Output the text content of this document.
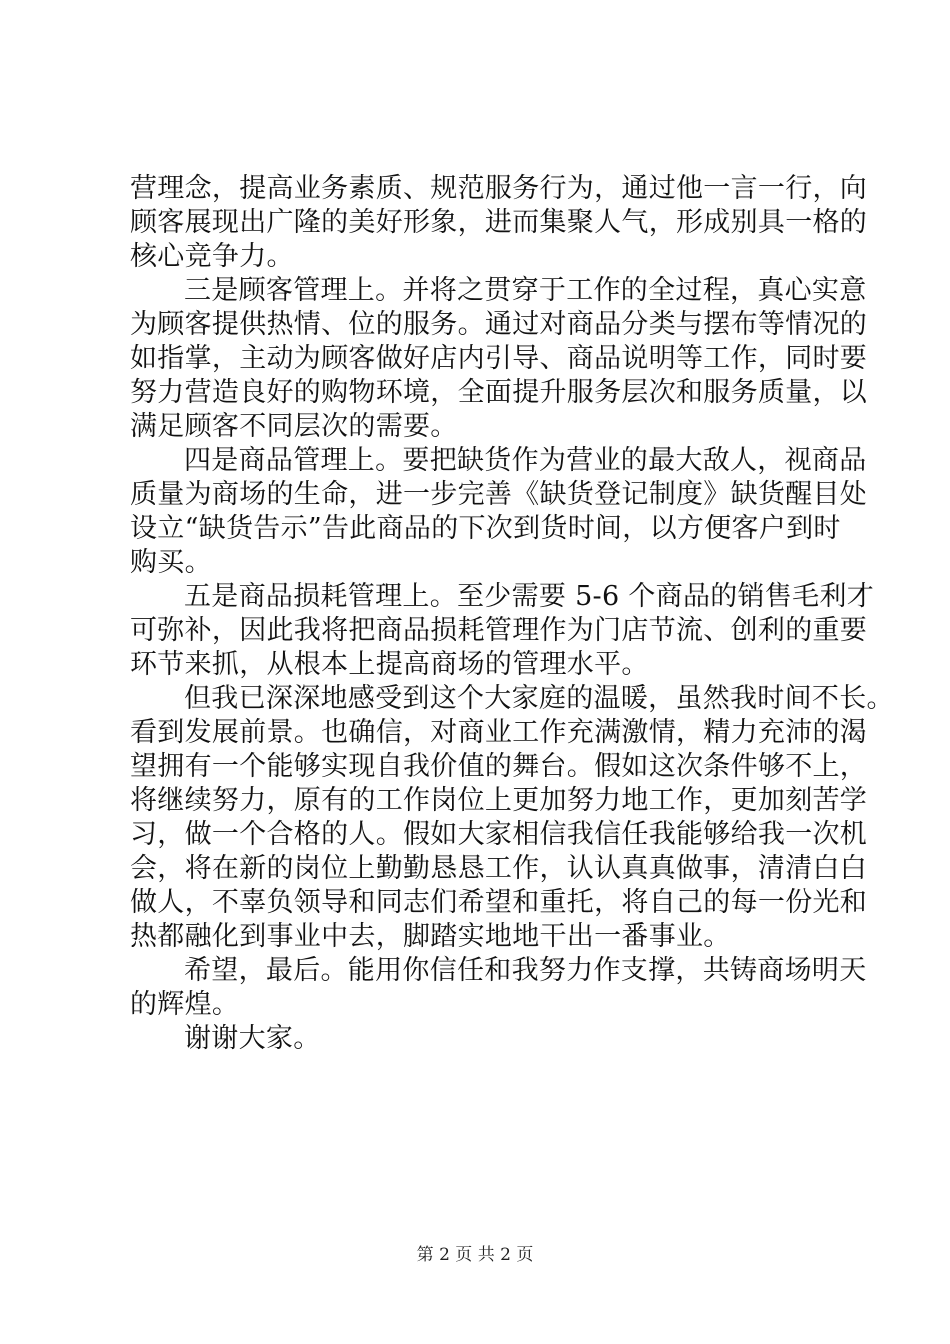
营理念，提高业务素质、规范服务行为，通过他一言一行，向
顾客展现出广隆的美好形象，进而集聚人气，形成别具一格的
核心竞争力。
三是顾客管理上。并将之贯穿于工作的全过程，真心实意
为顾客提供热情、位的服务。通过对商品分类与摆布等情况的
如指掌，主动为顾客做好店内引导、商品说明等工作，同时要
努力营造良好的购物环境，全面提升服务层次和服务质量，以
满足顾客不同层次的需要。
四是商品管理上。要把缺货作为营业的最大敌人，视商品
质量为商场的生命，进一步完善《缺货登记制度》缺货醒目处
设立“缺货告示”告此商品的下次到货时间，以方便客户到时
购买。
五是商品损耗管理上。至少需要 5-6 个商品的销售毛利才
可弥补，因此我将把商品损耗管理作为门店节流、创利的重要
环节来抓，从根本上提高商场的管理水平。
但我已深深地感受到这个大家庭的温暖，虽然我时间不长。
看到发展前景。也确信，对商业工作充满激情，精力充沛的渴
望拥有一个能够实现自我价值的舞台。假如这次条件够不上，
将继续努力，原有的工作岗位上更加努力地工作，更加刻苦学
习，做一个合格的人。假如大家相信我信任我能够给我一次机
会，将在新的岗位上勤勤恳恳工作，认认真真做事，清清白白
做人，不辜负领导和同志们希望和重托，将自己的每一份光和
热都融化到事业中去，脚踏实地地干出一番事业。
希望，最后。能用你信任和我努力作支撑，共铸商场明天
的辉煌。
谢谢大家。
第 2 页 共 2 页
